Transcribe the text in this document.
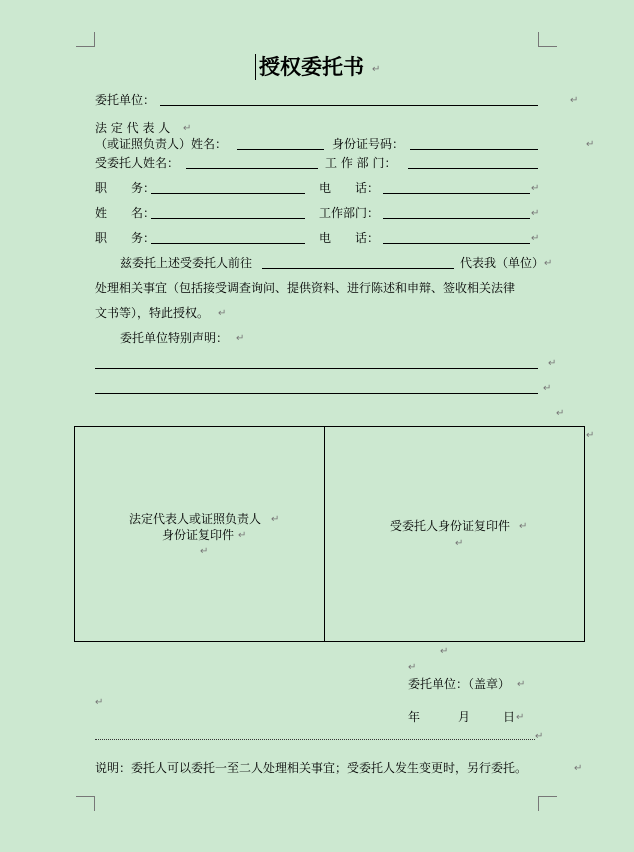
授权委托书 ↵
委托单位：	↵
法 定 代 表 人 ↵
（或证照负责人）姓名：	身份证号码：	↵
受委托人姓名：	工 作 部 门：
职　　务：	电　　话：	↵
姓　　名：	工作部门：	↵
职　　务：	电　　话：	↵
兹委托上述受委托人前往	代表我（单位） ↵
处理相关事宜（包括接受调查询问、提供资料、进行陈述和申辩、签收相关法律
文书等），特此授权。 ↵
委托单位特别声明： ↵
↵
↵
↵
↵
法定代表人或证照负责人 ↵
身份证复印件 ↵
↵
受委托人身份证复印件 ↵
↵
↵
↵
委托单位：（盖章） ↵
↵
年	月	日 ↵
↵
说明：委托人可以委托一至二人处理相关事宜；受委托人发生变更时，另行委托。	↵
